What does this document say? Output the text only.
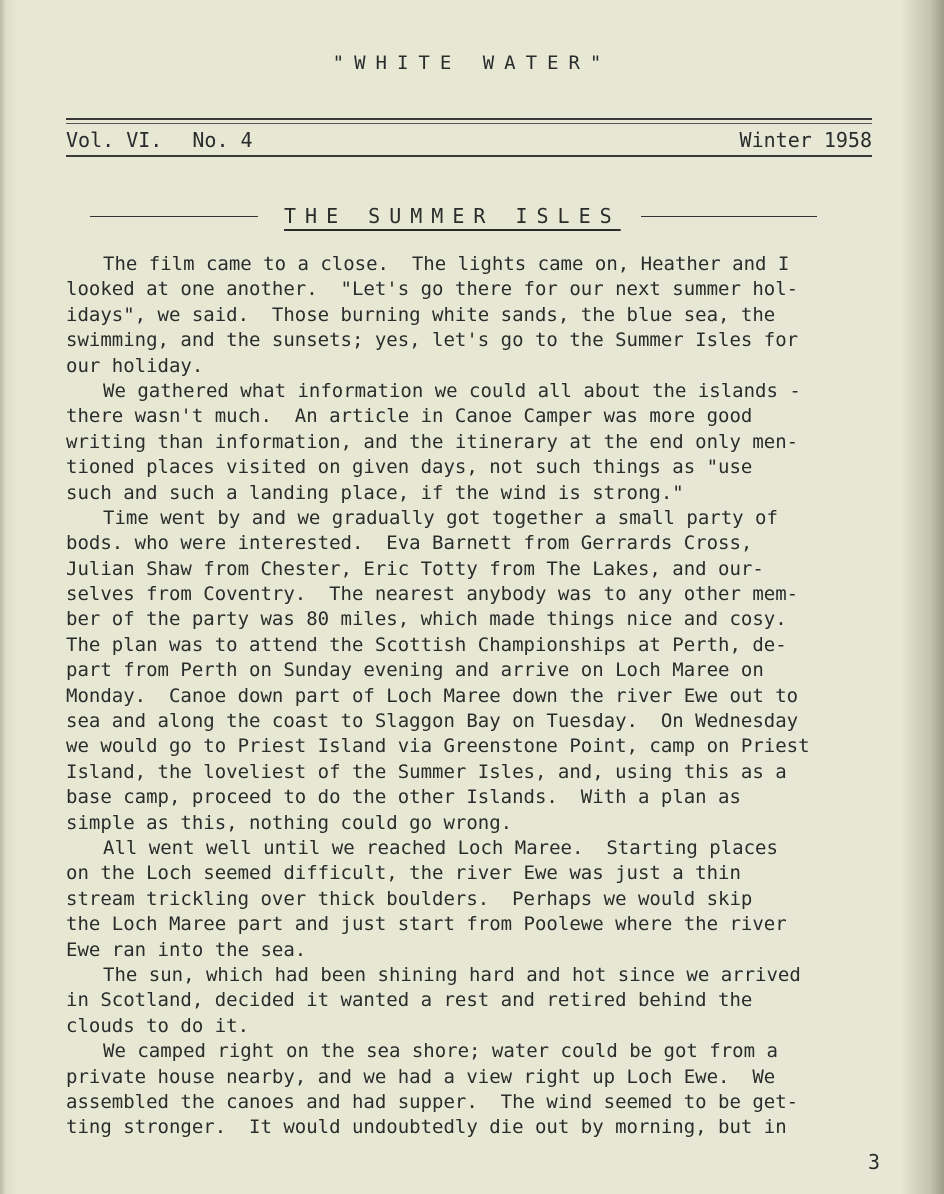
"WHITE WATER"
Vol. VI. No. 4	Winter 1958
THE SUMMER ISLES
The film came to a close.  The lights came on, Heather and I
looked at one another.  "Let's go there for our next summer hol-
idays", we said.  Those burning white sands, the blue sea, the
swimming, and the sunsets; yes, let's go to the Summer Isles for
our holiday.
We gathered what information we could all about the islands -
there wasn't much.  An article in Canoe Camper was more good
writing than information, and the itinerary at the end only men-
tioned places visited on given days, not such things as "use
such and such a landing place, if the wind is strong."
Time went by and we gradually got together a small party of
bods. who were interested.  Eva Barnett from Gerrards Cross,
Julian Shaw from Chester, Eric Totty from The Lakes, and our-
selves from Coventry.  The nearest anybody was to any other mem-
ber of the party was 80 miles, which made things nice and cosy.
The plan was to attend the Scottish Championships at Perth, de-
part from Perth on Sunday evening and arrive on Loch Maree on
Monday.  Canoe down part of Loch Maree down the river Ewe out to
sea and along the coast to Slaggon Bay on Tuesday.  On Wednesday
we would go to Priest Island via Greenstone Point, camp on Priest
Island, the loveliest of the Summer Isles, and, using this as a
base camp, proceed to do the other Islands.  With a plan as
simple as this, nothing could go wrong.
All went well until we reached Loch Maree.  Starting places
on the Loch seemed difficult, the river Ewe was just a thin
stream trickling over thick boulders.  Perhaps we would skip
the Loch Maree part and just start from Poolewe where the river
Ewe ran into the sea.
The sun, which had been shining hard and hot since we arrived
in Scotland, decided it wanted a rest and retired behind the
clouds to do it.
We camped right on the sea shore; water could be got from a
private house nearby, and we had a view right up Loch Ewe.  We
assembled the canoes and had supper.  The wind seemed to be get-
ting stronger.  It would undoubtedly die out by morning, but in
3
